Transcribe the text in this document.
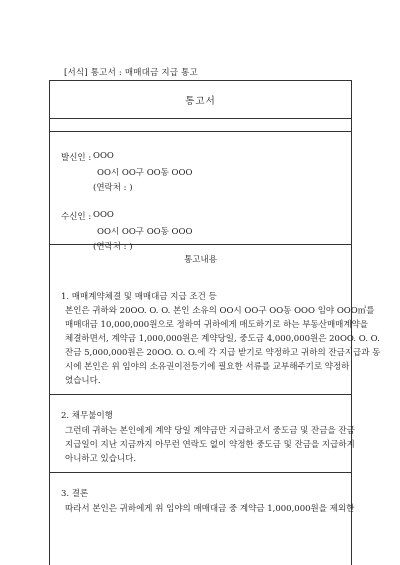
[서식] 통고서 : 매매대금 지급 통고
통고서
발신인 : OOO
OO시 OO구 OO동 OOO
(연락처 : )
수신인 : OOO
OO시 OO구 OO동 OOO
(연락처 : )
통고내용
1. 매매계약체결 및 매매대금 지급 조건 등
본인은 귀하와 20OO. O. O. 본인 소유의 OO시 OO구 OO동 OOO 임야 OOO㎡를
매매대금 10,000,000원으로 정하여 귀하에게 매도하기로 하는 부동산매매계약을
체결하면서, 계약금 1,000,000원은 계약당일, 중도금 4,000,000원은 20OO. O. O.
잔금 5,000,000원은 20OO. O. O.에 각 지급 받기로 약정하고 귀하의 잔금지급과 동
시에 본인은 위 임야의 소유권이전등기에 필요한 서류를 교부해주기로 약정하
였습니다.
2. 채무불이행
그런데 귀하는 본인에게 계약 당일 계약금만 지급하고서 중도금 및 잔금을 잔금
지급일이 지난 지금까지 아무런 연락도 없이 약정한 중도금 및 잔금을 지급하지
아니하고 있습니다.
3. 결론
따라서 본인은 귀하에게 위 임야의 매매대금 중 계약금 1,000,000원을 제외한
